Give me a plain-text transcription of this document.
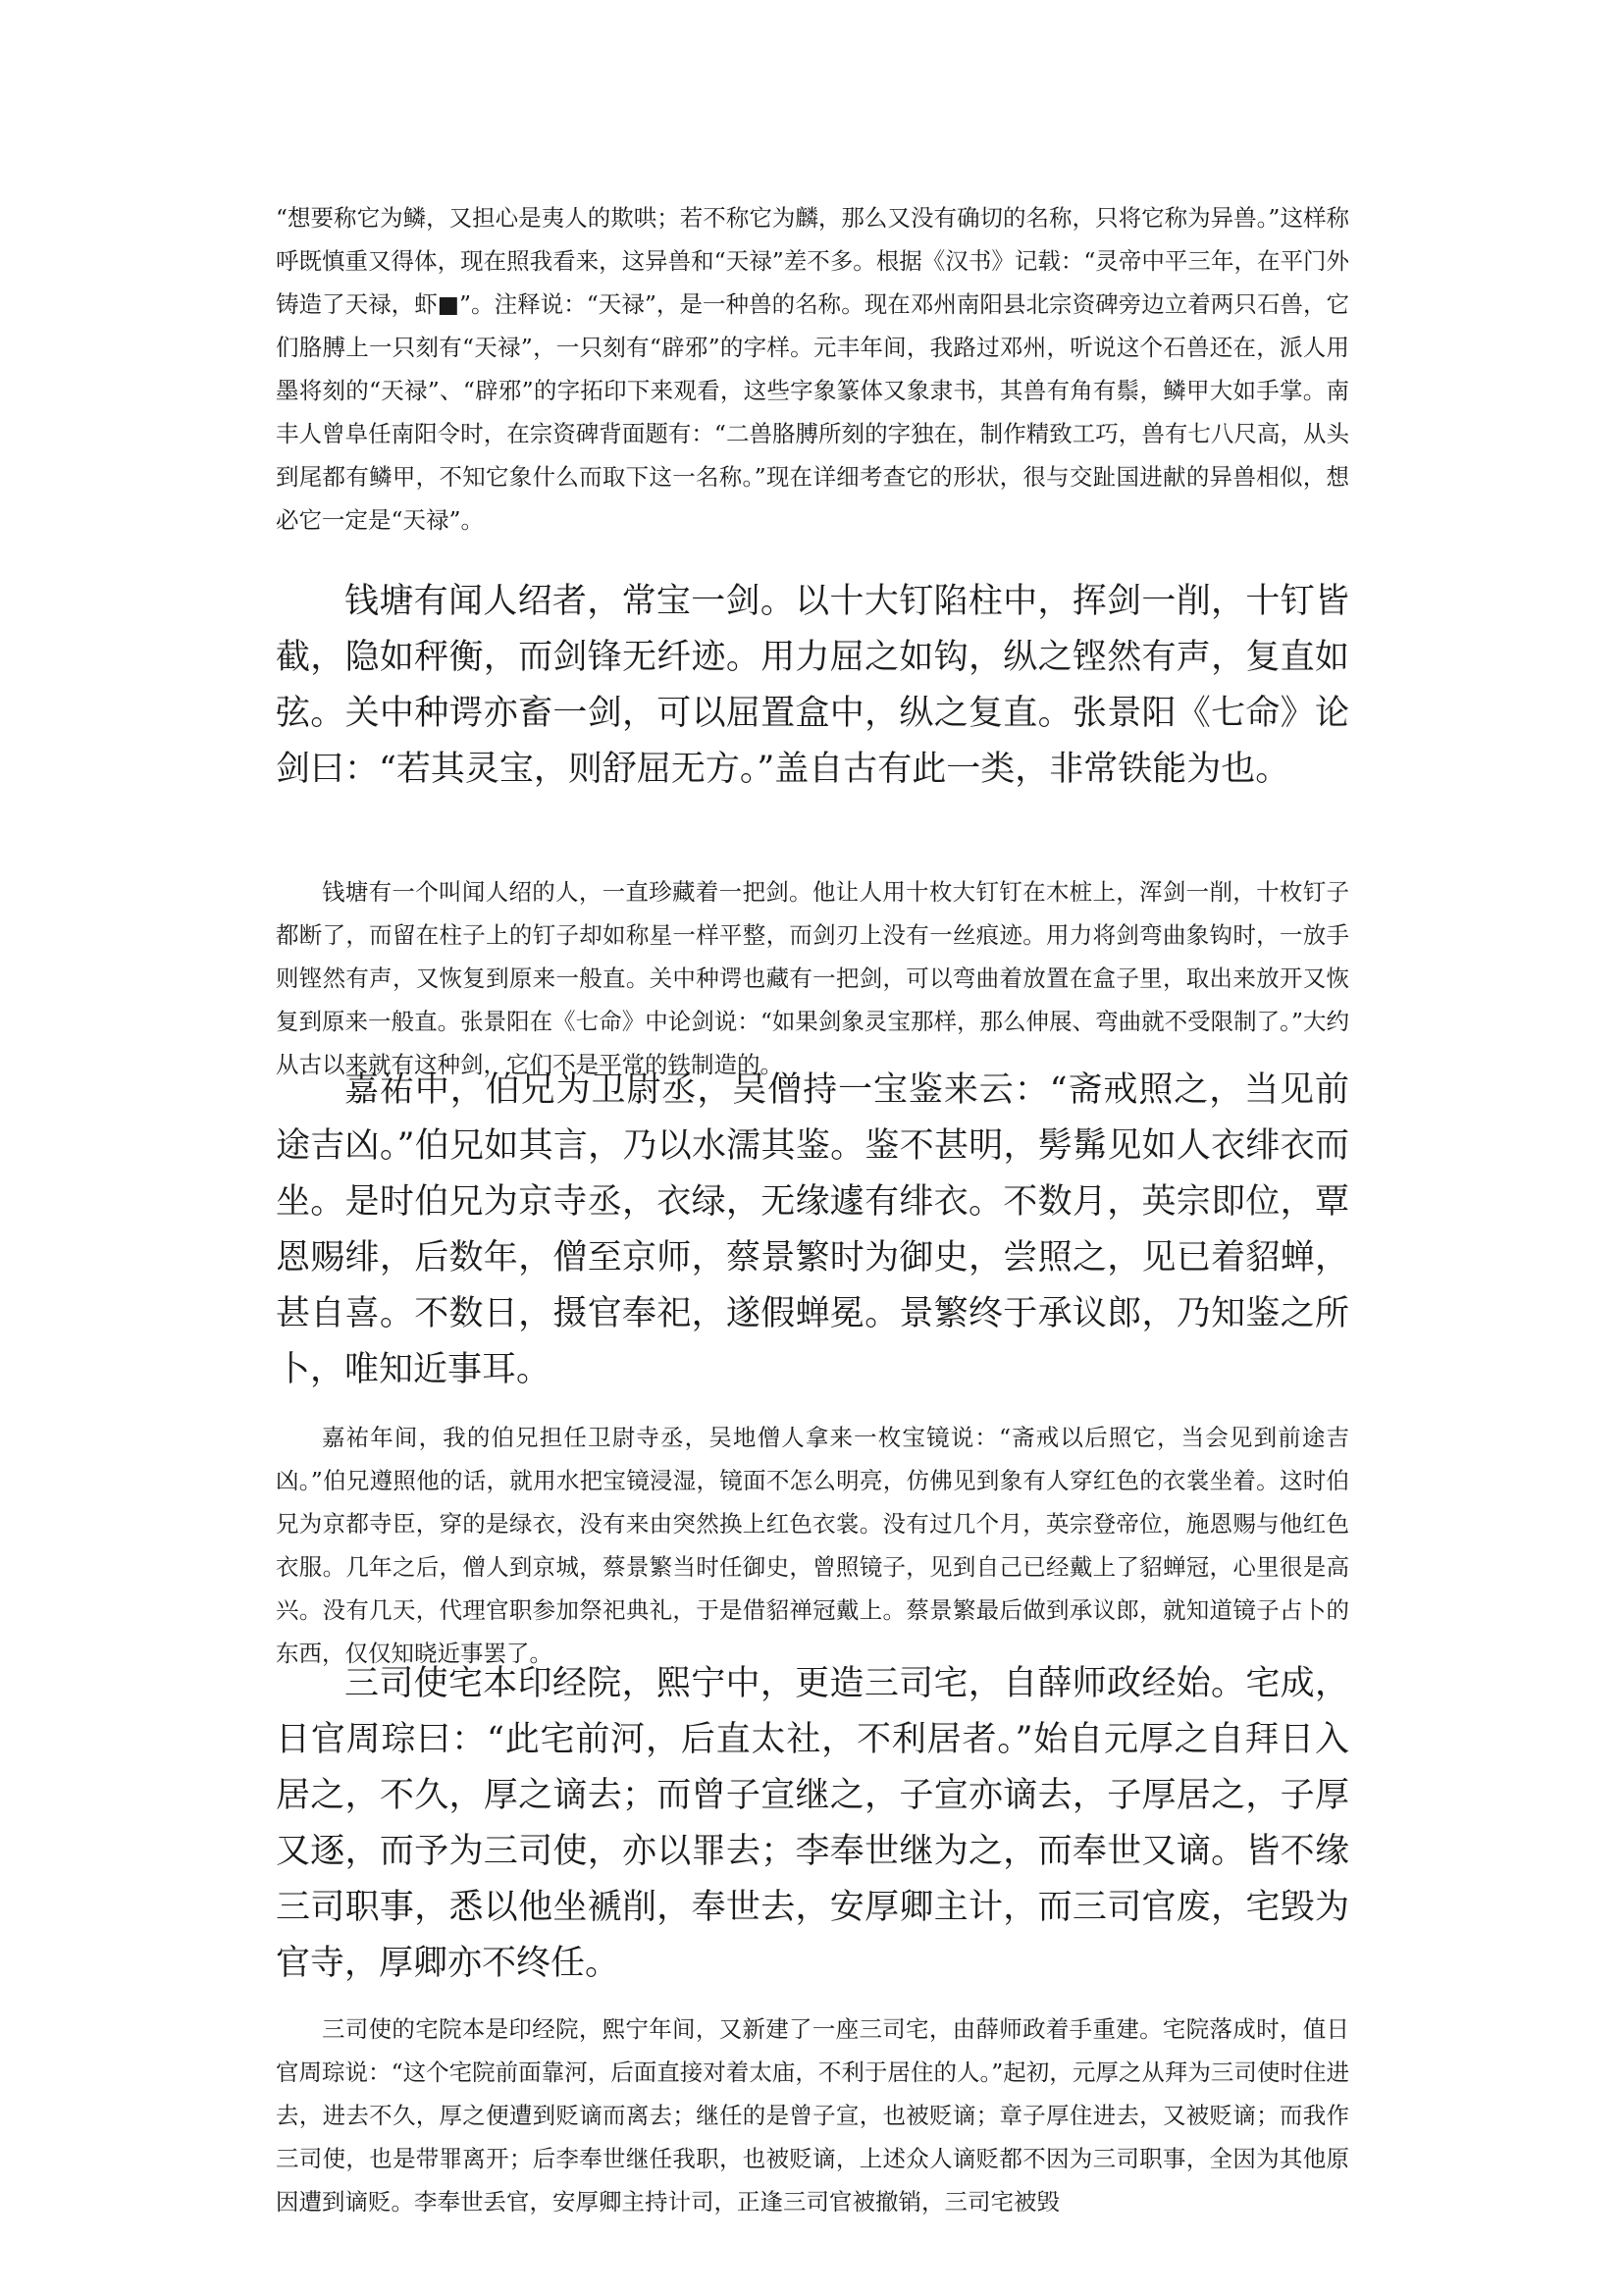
“想要称它为鳞，又担心是夷人的欺哄；若不称它为麟，那么又没有确切的名称，只将它称为异兽。”这样称呼既慎重又得体，现在照我看来，这异兽和“天禄”差不多。根据《汉书》记载：“灵帝中平三年，在平门外铸造了天禄，虾■”。注释说：“天禄”，是一种兽的名称。现在邓州南阳县北宗资碑旁边立着两只石兽，它们胳膊上一只刻有“天禄”，一只刻有“辟邪”的字样。元丰年间，我路过邓州，听说这个石兽还在，派人用墨将刻的“天禄”、“辟邪”的字拓印下来观看，这些字象篆体又象隶书，其兽有角有鬃，鳞甲大如手掌。南丰人曾阜任南阳令时，在宗资碑背面题有：“二兽胳膊所刻的字独在，制作精致工巧，兽有七八尺高，从头到尾都有鳞甲，不知它象什么而取下这一名称。”现在详细考查它的形状，很与交趾国进献的异兽相似，想必它一定是“天禄”。

钱塘有闻人绍者，常宝一剑。以十大钉陷柱中，挥剑一削，十钉皆截，隐如秤衡，而剑锋无纤迹。用力屈之如钩，纵之铿然有声，复直如弦。关中种谔亦畜一剑，可以屈置盒中，纵之复直。张景阳《七命》论剑曰：“若其灵宝，则舒屈无方。”盖自古有此一类，非常铁能为也。

钱塘有一个叫闻人绍的人，一直珍藏着一把剑。他让人用十枚大钉钉在木桩上，浑剑一削，十枚钉子都断了，而留在柱子上的钉子却如称星一样平整，而剑刃上没有一丝痕迹。用力将剑弯曲象钩时，一放手则铿然有声，又恢复到原来一般直。关中种谔也藏有一把剑，可以弯曲着放置在盒子里，取出来放开又恢复到原来一般直。张景阳在《七命》中论剑说：“如果剑象灵宝那样，那么伸展、弯曲就不受限制了。”大约从古以来就有这种剑，它们不是平常的铁制造的。

嘉祐中，伯兄为卫尉丞，吴僧持一宝鉴来云：“斋戒照之，当见前途吉凶。”伯兄如其言，乃以水濡其鉴。鉴不甚明，髣髴见如人衣绯衣而坐。是时伯兄为京寺丞，衣绿，无缘遽有绯衣。不数月，英宗即位，覃恩赐绯，后数年，僧至京师，蔡景繁时为御史，尝照之，见已着貂蝉，甚自喜。不数日，摄官奉祀，遂假蝉冕。景繁终于承议郎，乃知鉴之所卜，唯知近事耳。

嘉祐年间，我的伯兄担任卫尉寺丞，吴地僧人拿来一枚宝镜说：“斋戒以后照它，当会见到前途吉凶。”伯兄遵照他的话，就用水把宝镜浸湿，镜面不怎么明亮，仿佛见到象有人穿红色的衣裳坐着。这时伯兄为京都寺臣，穿的是绿衣，没有来由突然换上红色衣裳。没有过几个月，英宗登帝位，施恩赐与他红色衣服。几年之后，僧人到京城，蔡景繁当时任御史，曾照镜子，见到自己已经戴上了貂蝉冠，心里很是高兴。没有几天，代理官职参加祭祀典礼，于是借貂禅冠戴上。蔡景繁最后做到承议郎，就知道镜子占卜的东西，仅仅知晓近事罢了。

三司使宅本印经院，熙宁中，更造三司宅，自薛师政经始。宅成，日官周琮曰：“此宅前河，后直太社，不利居者。”始自元厚之自拜日入居之，不久，厚之谪去；而曾子宣继之，子宣亦谪去，子厚居之，子厚又逐，而予为三司使，亦以罪去；李奉世继为之，而奉世又谪。皆不缘三司职事，悉以他坐褫削，奉世去，安厚卿主计，而三司官废，宅毁为官寺，厚卿亦不终任。

三司使的宅院本是印经院，熙宁年间，又新建了一座三司宅，由薛师政着手重建。宅院落成时，值日官周琮说：“这个宅院前面靠河，后面直接对着太庙，不利于居住的人。”起初，元厚之从拜为三司使时住进去，进去不久，厚之便遭到贬谪而离去；继任的是曾子宣，也被贬谪；章子厚住进去，又被贬谪；而我作三司使，也是带罪离开；后李奉世继任我职，也被贬谪，上述众人谪贬都不因为三司职事，全因为其他原因遭到谪贬。李奉世丢官，安厚卿主持计司，正逢三司官被撤销，三司宅被毁
